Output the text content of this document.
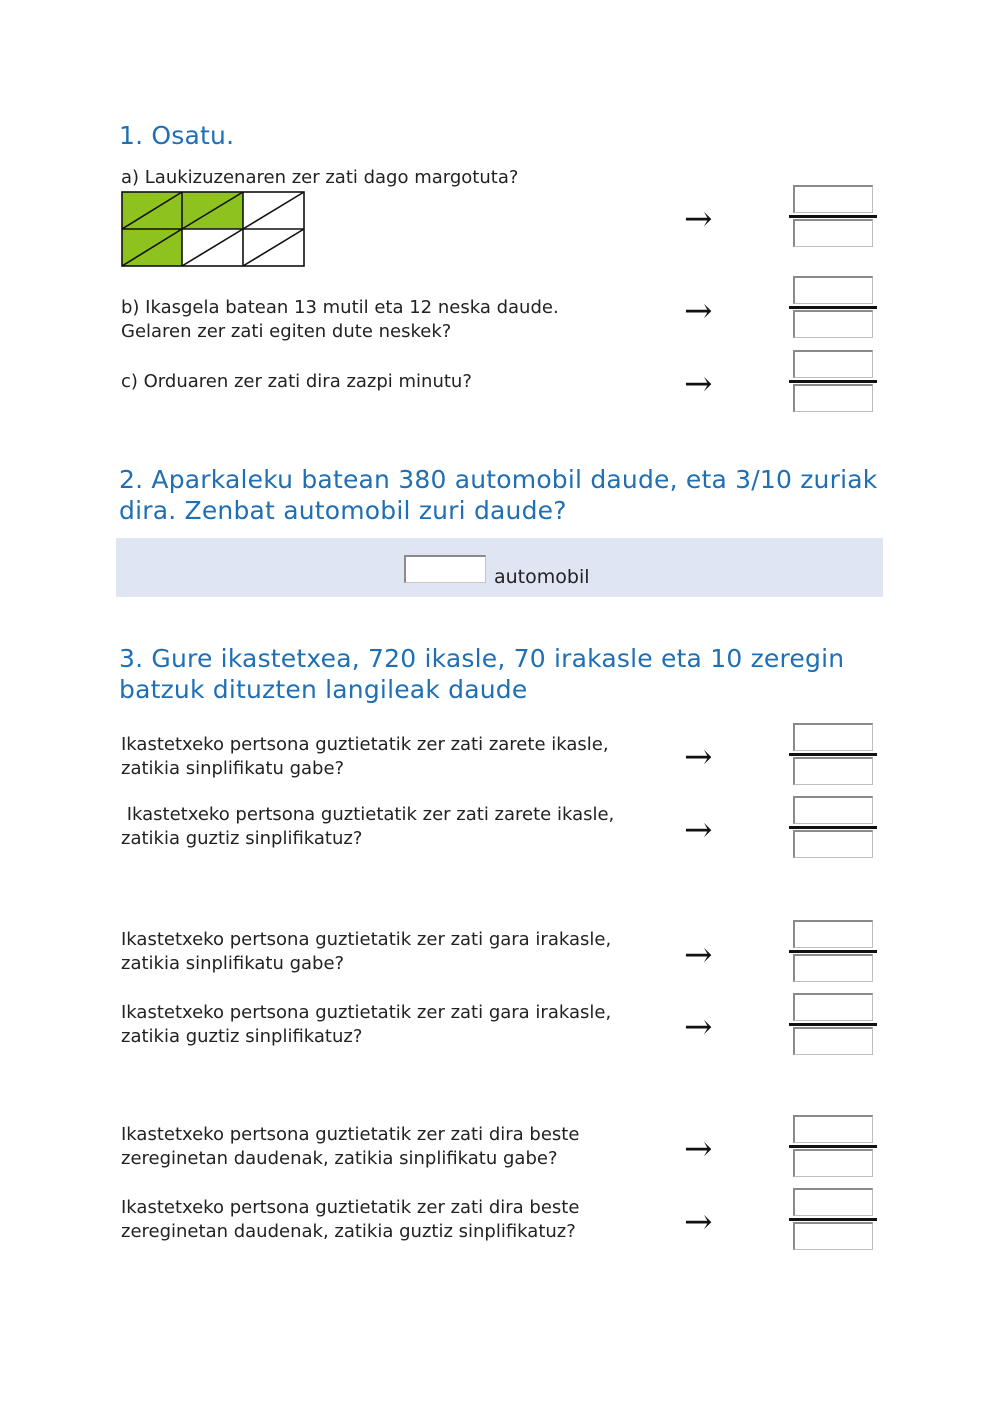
1. Osatu.
a) Laukizuzenaren zer zati dago margotuta?
→
b) Ikasgela batean 13 mutil eta 12 neska daude.
Gelaren zer zati egiten dute neskek?
→
c) Orduaren zer zati dira zazpi minutu?	→
2. Aparkaleku batean 380 automobil daude, eta 3/10 zuriak
dira. Zenbat automobil zuri daude?
automobil
3. Gure ikastetxea, 720 ikasle, 70 irakasle eta 10 zeregin
batzuk dituzten langileak daude
Ikastetxeko pertsona guztietatik zer zati zarete ikasle,
zatikia sinplifikatu gabe?	→
Ikastetxeko pertsona guztietatik zer zati zarete ikasle,
zatikia guztiz sinplifikatuz?	→
Ikastetxeko pertsona guztietatik zer zati gara irakasle,
zatikia sinplifikatu gabe?	→
Ikastetxeko pertsona guztietatik zer zati gara irakasle,
zatikia guztiz sinplifikatuz?	→
Ikastetxeko pertsona guztietatik zer zati dira beste
zereginetan daudenak, zatikia sinplifikatu gabe?	→
Ikastetxeko pertsona guztietatik zer zati dira beste
zereginetan daudenak, zatikia guztiz sinplifikatuz?	→
